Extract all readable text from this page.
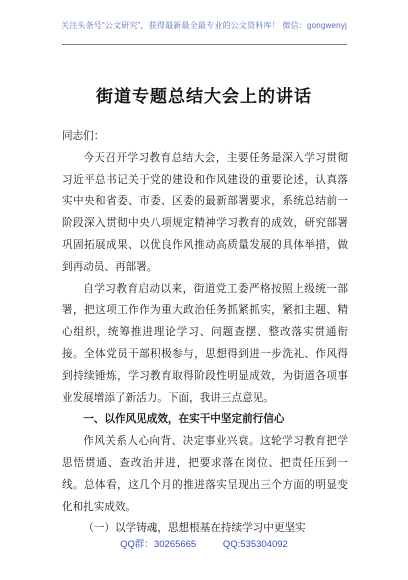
关注头条号“公文研究”，获得最新最全最专业的公文资料库！ 微信：gongwenyj
街道专题总结大会上的讲话

同志们：

今天召开学习教育总结大会，主要任务是深入学习贯彻习近平总书记关于党的建设和作风建设的重要论述，认真落实中央和省委、市委、区委的最新部署要求，系统总结前一阶段深入贯彻中央八项规定精神学习教育的成效，研究部署巩固拓展成果、以优良作风推动高质量发展的具体举措，做到再动员、再部署。

自学习教育启动以来，街道党工委严格按照上级统一部署，把这项工作作为重大政治任务抓紧抓实，紧扣主题、精心组织，统筹推进理论学习、问题查摆、整改落实贯通衔接。全体党员干部积极参与，思想得到进一步洗礼、作风得到持续锤炼，学习教育取得阶段性明显成效，为街道各项事业发展增添了新活力。下面，我讲三点意见。

一、以作风见成效，在实干中坚定前行信心

作风关系人心向背、决定事业兴衰。这轮学习教育把学思悟贯通、查改治并进，把要求落在岗位、把责任压到一线。总体看，这几个月的推进落实呈现出三个方面的明显变化和扎实成效。

（一）以学铸魂，思想根基在持续学习中更坚实

QQ群：30265665	QQ:535304092
